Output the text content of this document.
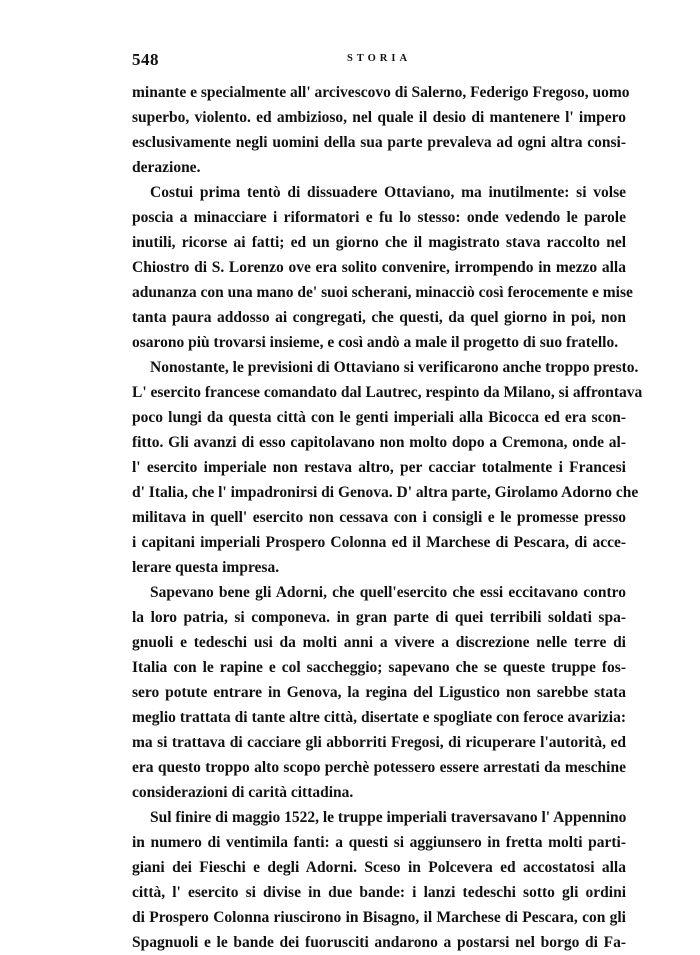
548	STORIA
minante e specialmente all' arcivescovo di Salerno, Federigo Fregoso, uomo
superbo, violento. ed ambizioso, nel quale il desio di mantenere l' impero
esclusivamente negli uomini della sua parte prevaleva ad ogni altra consi-
derazione.
Costui prima tentò di dissuadere Ottaviano, ma inutilmente: si volse
poscia a minacciare i riformatori e fu lo stesso: onde vedendo le parole
inutili, ricorse ai fatti; ed un giorno che il magistrato stava raccolto nel
Chiostro di S. Lorenzo ove era solito convenire, irrompendo in mezzo alla
adunanza con una mano de' suoi scherani, minacciò così ferocemente e mise
tanta paura addosso ai congregati, che questi, da quel giorno in poi, non
osarono più trovarsi insieme, e così andò a male il progetto di suo fratello.
Nonostante, le previsioni di Ottaviano si verificarono anche troppo presto.
L' esercito francese comandato dal Lautrec, respinto da Milano, si affrontava
poco lungi da questa città con le genti imperiali alla Bicocca ed era scon-
fitto. Gli avanzi di esso capitolavano non molto dopo a Cremona, onde al-
l' esercito imperiale non restava altro, per cacciar totalmente i Francesi
d' Italia, che l' impadronirsi di Genova. D' altra parte, Girolamo Adorno che
militava in quell' esercito non cessava con i consigli e le promesse presso
i capitani imperiali Prospero Colonna ed il Marchese di Pescara, di acce-
lerare questa impresa.
Sapevano bene gli Adorni, che quell'esercito che essi eccitavano contro
la loro patria, si componeva. in gran parte di quei terribili soldati spa-
gnuoli e tedeschi usi da molti anni a vivere a discrezione nelle terre di
Italia con le rapine e col saccheggio; sapevano che se queste truppe fos-
sero potute entrare in Genova, la regina del Ligustico non sarebbe stata
meglio trattata di tante altre città, disertate e spogliate con feroce avarizia:
ma si trattava di cacciare gli abborriti Fregosi, di ricuperare l'autorità, ed
era questo troppo alto scopo perchè potessero essere arrestati da meschine
considerazioni di carità cittadina.
Sul finire di maggio 1522, le truppe imperiali traversavano l' Appennino
in numero di ventimila fanti: a questi si aggiunsero in fretta molti parti-
giani dei Fieschi e degli Adorni. Sceso in Polcevera ed accostatosi alla
città, l' esercito si divise in due bande: i lanzi tedeschi sotto gli ordini
di Prospero Colonna riuscirono in Bisagno, il Marchese di Pescara, con gli
Spagnuoli e le bande dei fuorusciti andarono a postarsi nel borgo di Fa-
